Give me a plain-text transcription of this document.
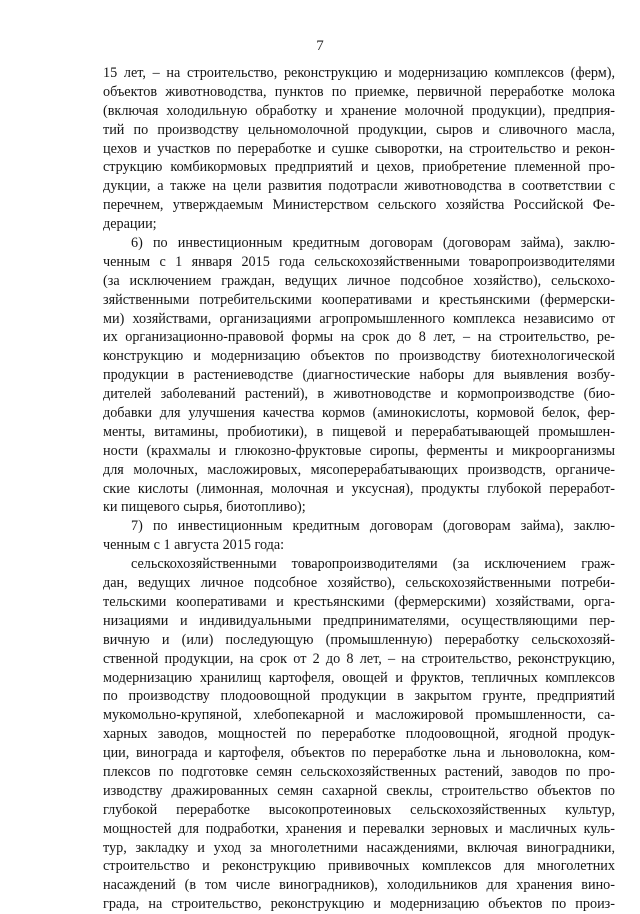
7
15 лет, – на строительство, реконструкцию и модернизацию комплексов (ферм),
объектов животноводства, пунктов по приемке, первичной переработке молока
(включая холодильную обработку и хранение молочной продукции), предприя-
тий по производству цельномолочной продукции, сыров и сливочного масла,
цехов и участков по переработке и сушке сыворотки, на строительство и рекон-
струкцию комбикормовых предприятий и цехов, приобретение племенной про-
дукции, а также на цели развития подотрасли животноводства в соответствии с
перечнем, утверждаемым Министерством сельского хозяйства Российской Фе-
дерации;
6) по инвестиционным кредитным договорам (договорам займа), заклю-
ченным с 1 января 2015 года сельскохозяйственными товаропроизводителями
(за исключением граждан, ведущих личное подсобное хозяйство), сельскохо-
зяйственными потребительскими кооперативами и крестьянскими (фермерски-
ми) хозяйствами, организациями агропромышленного комплекса независимо от
их организационно-правовой формы на срок до 8 лет, – на строительство, ре-
конструкцию и модернизацию объектов по производству биотехнологической
продукции в растениеводстве (диагностические наборы для выявления возбу-
дителей заболеваний растений), в животноводстве и кормопроизводстве (био-
добавки для улучшения качества кормов (аминокислоты, кормовой белок, фер-
менты, витамины, пробиотики), в пищевой и перерабатывающей промышлен-
ности (крахмалы и глюкозно-фруктовые сиропы, ферменты и микроорганизмы
для молочных, масложировых, мясоперерабатывающих производств, органиче-
ские кислоты (лимонная, молочная и уксусная), продукты глубокой переработ-
ки пищевого сырья, биотопливо);
7) по инвестиционным кредитным договорам (договорам займа), заклю-
ченным с 1 августа 2015 года:
сельскохозяйственными товаропроизводителями (за исключением граж-
дан, ведущих личное подсобное хозяйство), сельскохозяйственными потреби-
тельскими кооперативами и крестьянскими (фермерскими) хозяйствами, орга-
низациями и индивидуальными предпринимателями, осуществляющими пер-
вичную и (или) последующую (промышленную) переработку сельскохозяй-
ственной продукции, на срок от 2 до 8 лет, – на строительство, реконструкцию,
модернизацию хранилищ картофеля, овощей и фруктов, тепличных комплексов
по производству плодоовощной продукции в закрытом грунте, предприятий
мукомольно-крупяной, хлебопекарной и масложировой промышленности, са-
харных заводов, мощностей по переработке плодоовощной, ягодной продук-
ции, винограда и картофеля, объектов по переработке льна и льноволокна, ком-
плексов по подготовке семян сельскохозяйственных растений, заводов по про-
изводству дражированных семян сахарной свеклы, строительство объектов по
глубокой переработке высокопротеиновых сельскохозяйственных культур,
мощностей для подработки, хранения и перевалки зерновых и масличных куль-
тур, закладку и уход за многолетними насаждениями, включая виноградники,
строительство и реконструкцию прививочных комплексов для многолетних
насаждений (в том числе виноградников), холодильников для хранения вино-
града, на строительство, реконструкцию и модернизацию объектов по произ-
